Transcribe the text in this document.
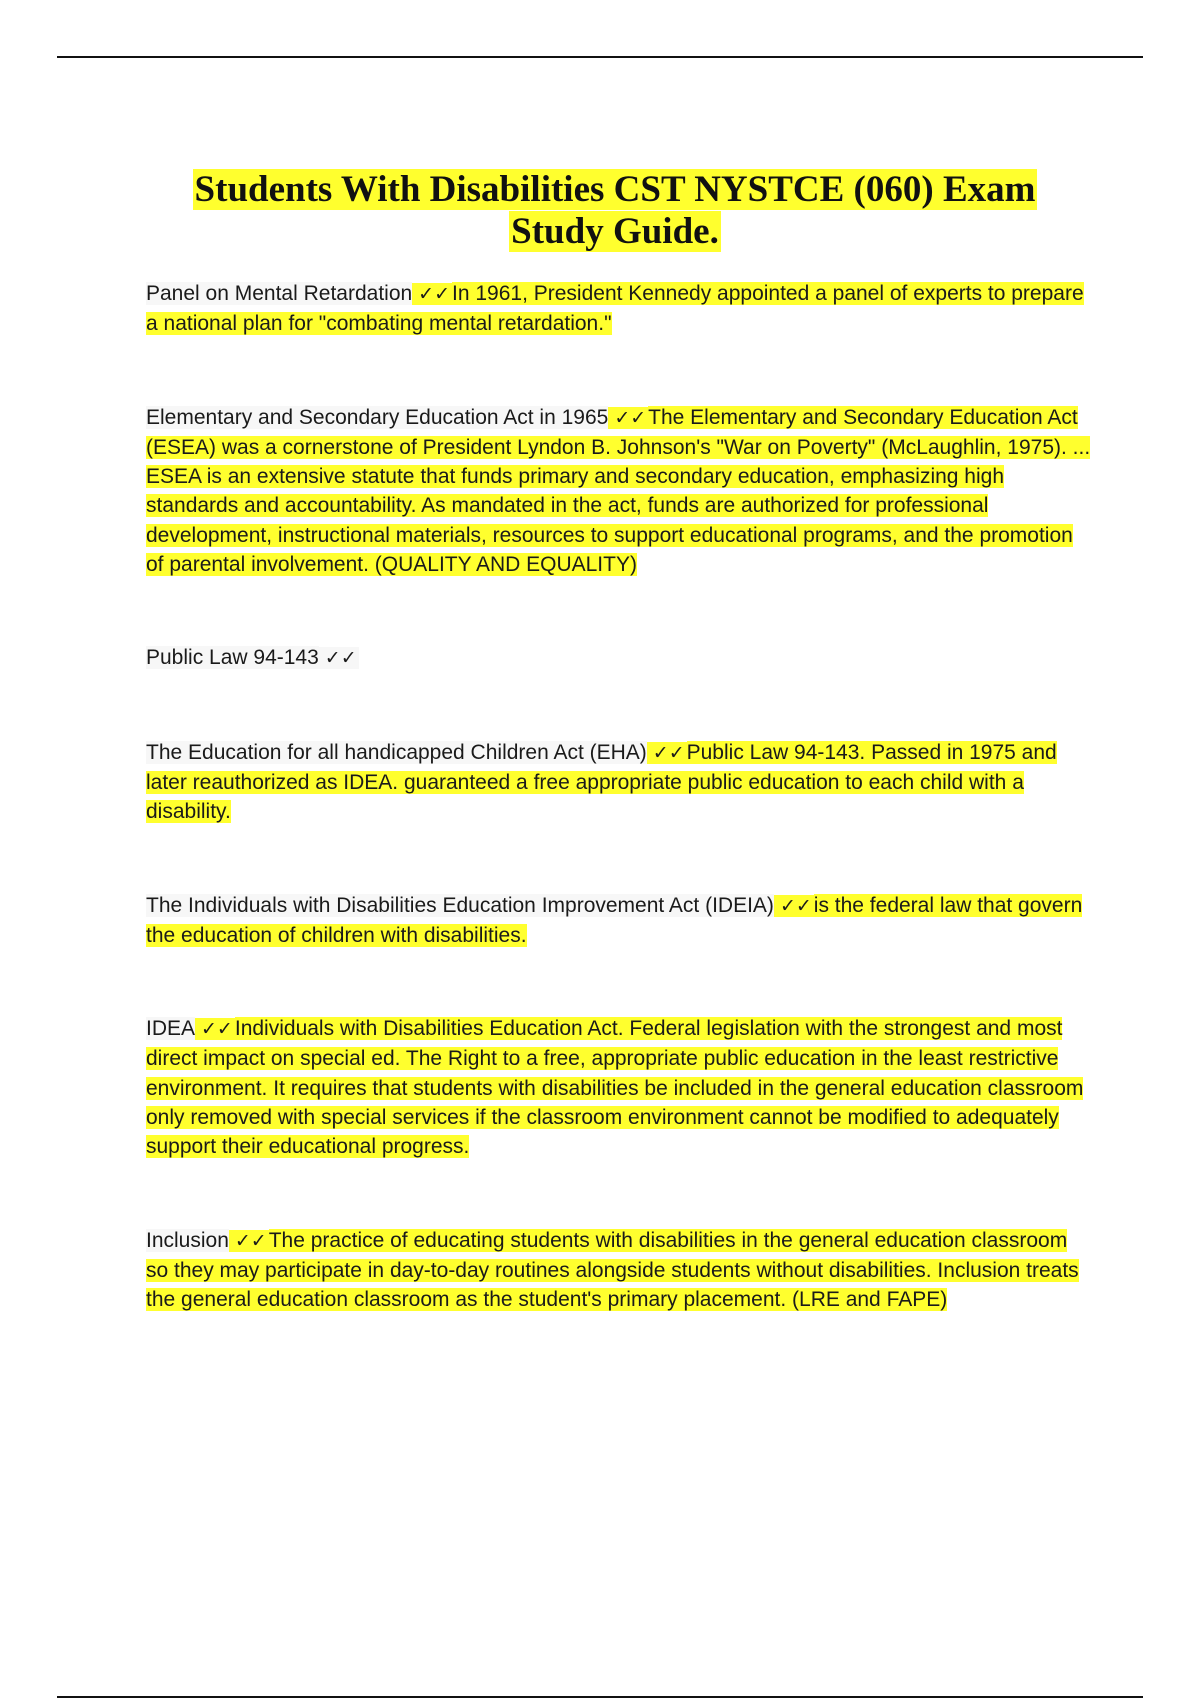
Students With Disabilities CST NYSTCE (060) Exam Study Guide.

Panel on Mental Retardation ✓✓In 1961, President Kennedy appointed a panel of experts to prepare a national plan for "combating mental retardation."

Elementary and Secondary Education Act in 1965 ✓✓The Elementary and Secondary Education Act (ESEA) was a cornerstone of President Lyndon B. Johnson's "War on Poverty" (McLaughlin, 1975). ... ESEA is an extensive statute that funds primary and secondary education, emphasizing high standards and accountability. As mandated in the act, funds are authorized for professional development, instructional materials, resources to support educational programs, and the promotion of parental involvement. (QUALITY AND EQUALITY)

Public Law 94-143 ✓✓

The Education for all handicapped Children Act (EHA) ✓✓Public Law 94-143. Passed in 1975 and later reauthorized as IDEA. guaranteed a free appropriate public education to each child with a disability.

The Individuals with Disabilities Education Improvement Act (IDEIA) ✓✓is the federal law that govern the education of children with disabilities.

IDEA ✓✓Individuals with Disabilities Education Act. Federal legislation with the strongest and most direct impact on special ed. The Right to a free, appropriate public education in the least restrictive environment. It requires that students with disabilities be included in the general education classroom only removed with special services if the classroom environment cannot be modified to adequately support their educational progress.

Inclusion ✓✓The practice of educating students with disabilities in the general education classroom so they may participate in day-to-day routines alongside students without disabilities. Inclusion treats the general education classroom as the student's primary placement. (LRE and FAPE)
